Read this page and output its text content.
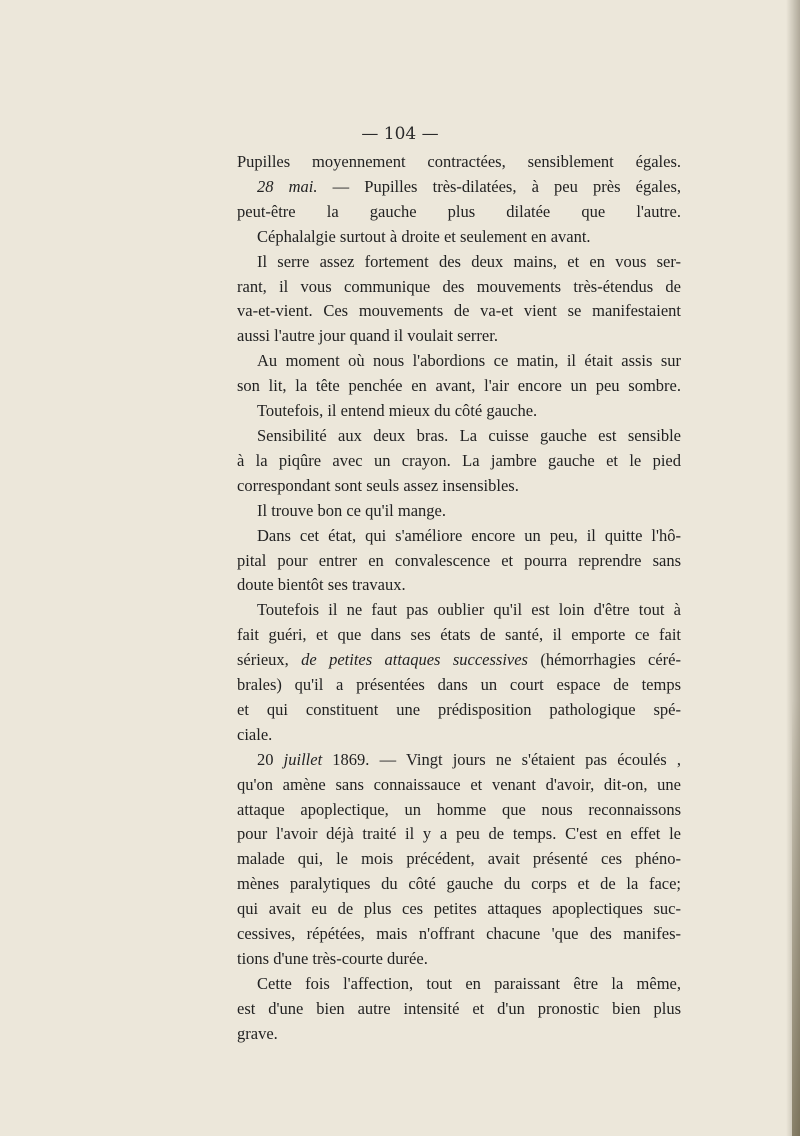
— 104 —
Pupilles moyennement contractées, sensiblement égales.
28 mai. — Pupilles très-dilatées, à peu près égales,
peut-être la gauche plus dilatée que l'autre.
Céphalalgie surtout à droite et seulement en avant.
Il serre assez fortement des deux mains, et en vous ser-
rant, il vous communique des mouvements très-étendus de
va-et-vient. Ces mouvements de va-et vient se manifestaient
aussi l'autre jour quand il voulait serrer.
Au moment où nous l'abordions ce matin, il était assis sur
son lit, la tête penchée en avant, l'air encore un peu sombre.
Toutefois, il entend mieux du côté gauche.
Sensibilité aux deux bras. La cuisse gauche est sensible
à la piqûre avec un crayon. La jambre gauche et le pied
correspondant sont seuls assez insensibles.
Il trouve bon ce qu'il mange.
Dans cet état, qui s'améliore encore un peu, il quitte l'hô-
pital pour entrer en convalescence et pourra reprendre sans
doute bientôt ses travaux.
Toutefois il ne faut pas oublier qu'il est loin d'être tout à
fait guéri, et que dans ses états de santé, il emporte ce fait
sérieux, de petites attaques successives (hémorrhagies céré-
brales) qu'il a présentées dans un court espace de temps
et qui constituent une prédisposition pathologique spé-
ciale.
20 juillet 1869. — Vingt jours ne s'étaient pas écoulés ,
qu'on amène sans connaissauce et venant d'avoir, dit-on, une
attaque apoplectique, un homme que nous reconnaissons
pour l'avoir déjà traité il y a peu de temps. C'est en effet le
malade qui, le mois précédent, avait présenté ces phéno-
mènes paralytiques du côté gauche du corps et de la face;
qui avait eu de plus ces petites attaques apoplectiques suc-
cessives, répétées, mais n'offrant chacune 'que des manifes-
tions d'une très-courte durée.
Cette fois l'affection, tout en paraissant être la même,
est d'une bien autre intensité et d'un pronostic bien plus
grave.
